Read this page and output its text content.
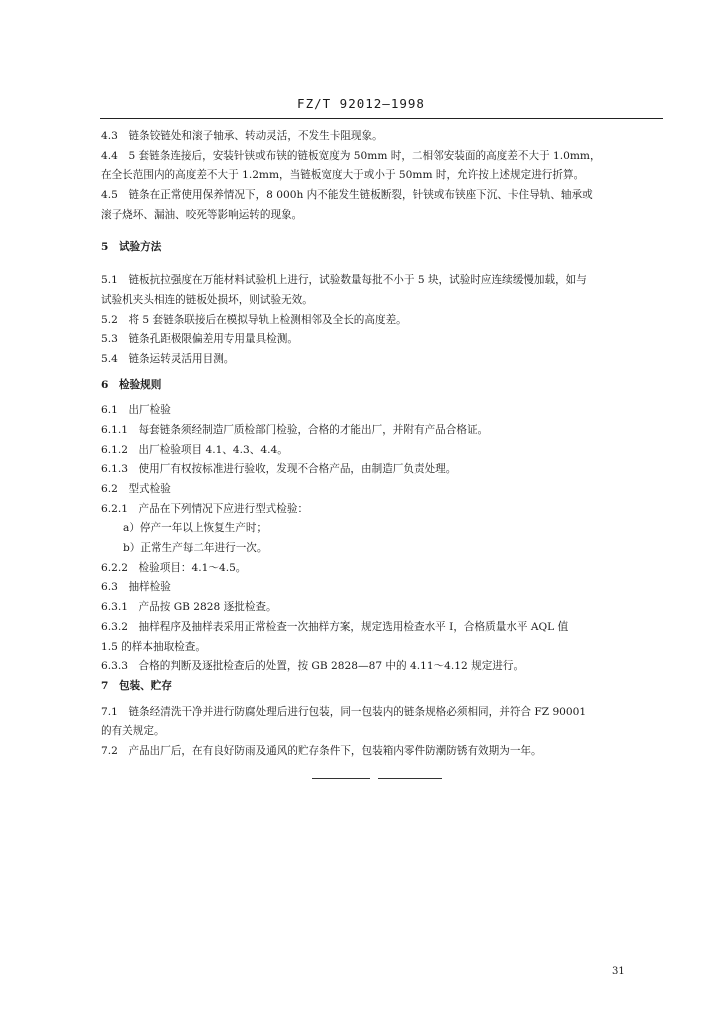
FZ/T 92012—1998
4.3　链条铰链处和滚子轴承、转动灵活，不发生卡阻现象。
4.4　5 套链条连接后，安装针铗或布铗的链板宽度为 50mm 时，二相邻安装面的高度差不大于 1.0mm，
在全长范围内的高度差不大于 1.2mm，当链板宽度大于或小于 50mm 时，允许按上述规定进行折算。
4.5　链条在正常使用保养情况下，8 000h 内不能发生链板断裂，针铗或布铗座下沉、卡住导轨、轴承或
滚子烧坏、漏油、咬死等影响运转的现象。
5　试验方法
5.1　链板抗拉强度在万能材料试验机上进行，试验数量每批不小于 5 块，试验时应连续缓慢加载，如与
试验机夹头相连的链板处损坏，则试验无效。
5.2　将 5 套链条联接后在模拟导轨上检测相邻及全长的高度差。
5.3　链条孔距极限偏差用专用量具检测。
5.4　链条运转灵活用目测。
6　检验规则
6.1　出厂检验
6.1.1　每套链条须经制造厂质检部门检验，合格的才能出厂，并附有产品合格证。
6.1.2　出厂检验项目 4.1、4.3、4.4。
6.1.3　使用厂有权按标准进行验收，发现不合格产品，由制造厂负责处理。
6.2　型式检验
6.2.1　产品在下列情况下应进行型式检验：
a）停产一年以上恢复生产时；
b）正常生产每二年进行一次。
6.2.2　检验项目：4.1～4.5。
6.3　抽样检验
6.3.1　产品按 GB 2828 逐批检查。
6.3.2　抽样程序及抽样表采用正常检查一次抽样方案，规定选用检查水平 Ⅰ，合格质量水平 AQL 值
1.5 的样本抽取检查。
6.3.3　合格的判断及逐批检查后的处置，按 GB 2828—87 中的 4.11～4.12 规定进行。
7　包装、贮存
7.1　链条经清洗干净并进行防腐处理后进行包装，同一包装内的链条规格必须相同，并符合 FZ 90001
的有关规定。
7.2　产品出厂后，在有良好防雨及通风的贮存条件下，包装箱内零件防潮防锈有效期为一年。
31
